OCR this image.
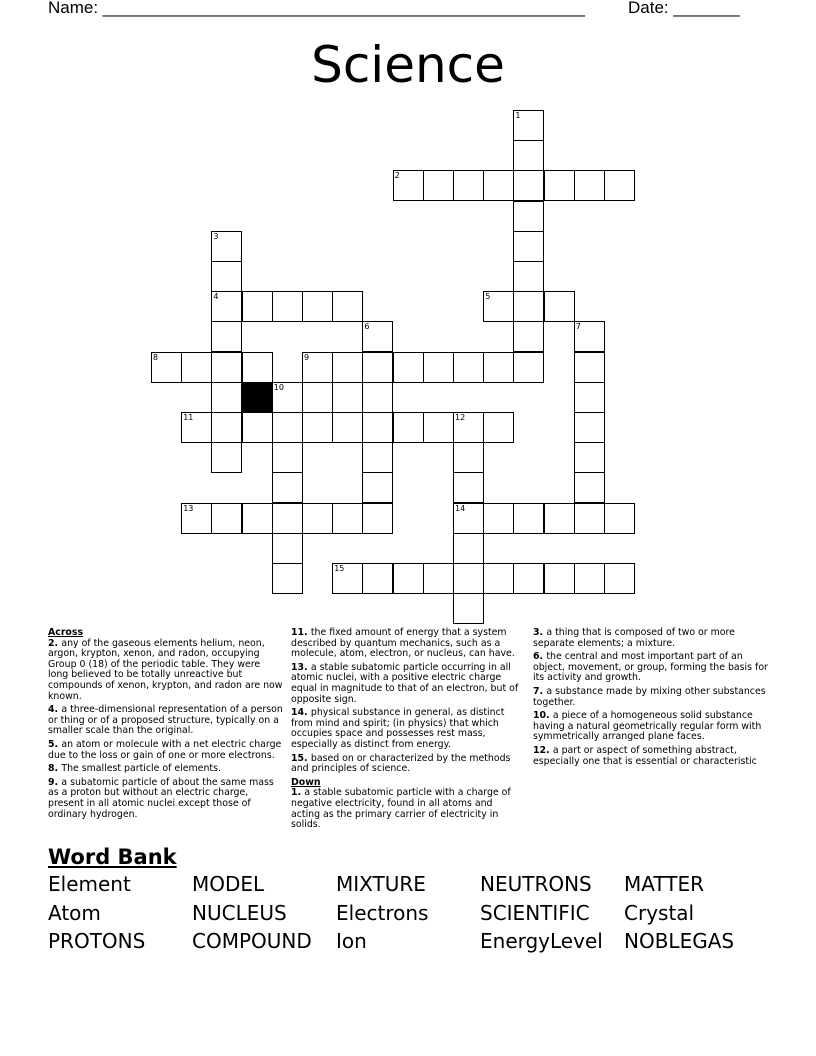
Name: ___________________________________________________	Date: _______
Science
1
2
3
4	5
6	7
8	9
10
11	12
13	14
15
Across
2. any of the gaseous elements helium, neon, argon, krypton, xenon, and radon, occupying Group 0 (18) of the periodic table. They were long believed to be totally unreactive but compounds of xenon, krypton, and radon are now known.
4. a three-dimensional representation of a person or thing or of a proposed structure, typically on a smaller scale than the original.
5. an atom or molecule with a net electric charge due to the loss or gain of one or more electrons.
8. The smallest particle of elements.
9. a subatomic particle of about the same mass as a proton but without an electric charge, present in all atomic nuclei except those of ordinary hydrogen.
11. the fixed amount of energy that a system described by quantum mechanics, such as a molecule, atom, electron, or nucleus, can have.
13. a stable subatomic particle occurring in all atomic nuclei, with a positive electric charge equal in magnitude to that of an electron, but of opposite sign.
14. physical substance in general, as distinct from mind and spirit; (in physics) that which occupies space and possesses rest mass, especially as distinct from energy.
15. based on or characterized by the methods and principles of science.
Down
1. a stable subatomic particle with a charge of negative electricity, found in all atoms and acting as the primary carrier of electricity in solids.
3. a thing that is composed of two or more separate elements; a mixture.
6. the central and most important part of an object, movement, or group, forming the basis for its activity and growth.
7. a substance made by mixing other substances together.
10. a piece of a homogeneous solid substance having a natural geometrically regular form with symmetrically arranged plane faces.
12. a part or aspect of something abstract, especially one that is essential or characteristic
Word Bank
Element	MODEL	MIXTURE	NEUTRONS	MATTER
Atom	NUCLEUS	Electrons	SCIENTIFIC	Crystal
PROTONS	COMPOUND	Ion	EnergyLevel	NOBLEGAS
